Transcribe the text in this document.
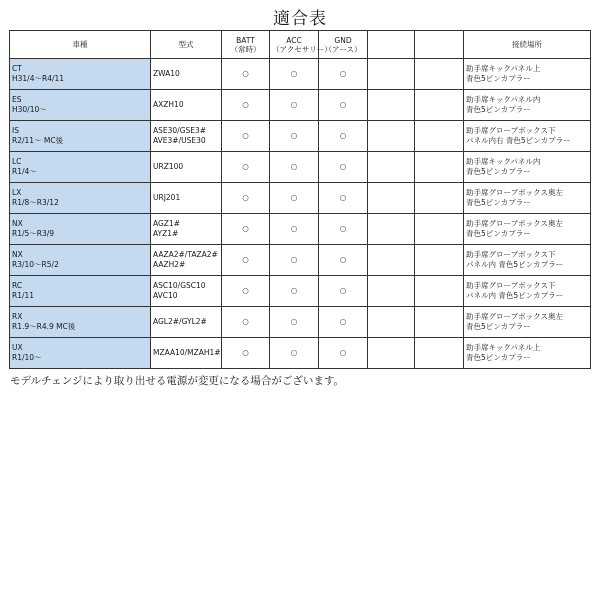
適合表
車種	型式	BATT
（常時）	ACC
（アクセサリー）	GND
（アース）			接続場所

CT
H31/4〜R4/11	ZWA10	○	○	○			助手席キックパネル上
青色5ピンカプラー

ES
H30/10〜	AXZH10	○	○	○			助手席キックパネル内
青色5ピンカプラー

IS
R2/11〜 MC後	ASE30/GSE3#
AVE3#/USE30	○	○	○			助手席グローブボックス下
パネル内右 青色5ピンカプラー

LC
R1/4〜	URZ100	○	○	○			助手席キックパネル内
青色5ピンカプラー

LX
R1/8〜R3/12	URJ201	○	○	○			助手席グローブボックス奥左
青色5ピンカプラー

NX
R1/5〜R3/9	AGZ1#
AYZ1#	○	○	○			助手席グローブボックス奥左
青色5ピンカプラー

NX
R3/10〜R5/2	AAZA2#/TAZA2#
AAZH2#	○	○	○			助手席グローブボックス下
パネル内 青色5ピンカプラー

RC
R1/11	ASC10/GSC10
AVC10	○	○	○			助手席グローブボックス下
パネル内 青色5ピンカプラー

RX
R1.9〜R4.9 MC後	AGL2#/GYL2#	○	○	○			助手席グローブボックス奥左
青色5ピンカプラー

UX
R1/10〜	MZAA10/MZAH1#	○	○	○			助手席キックパネル上
青色5ピンカプラー
モデルチェンジにより取り出せる電源が変更になる場合がございます。
